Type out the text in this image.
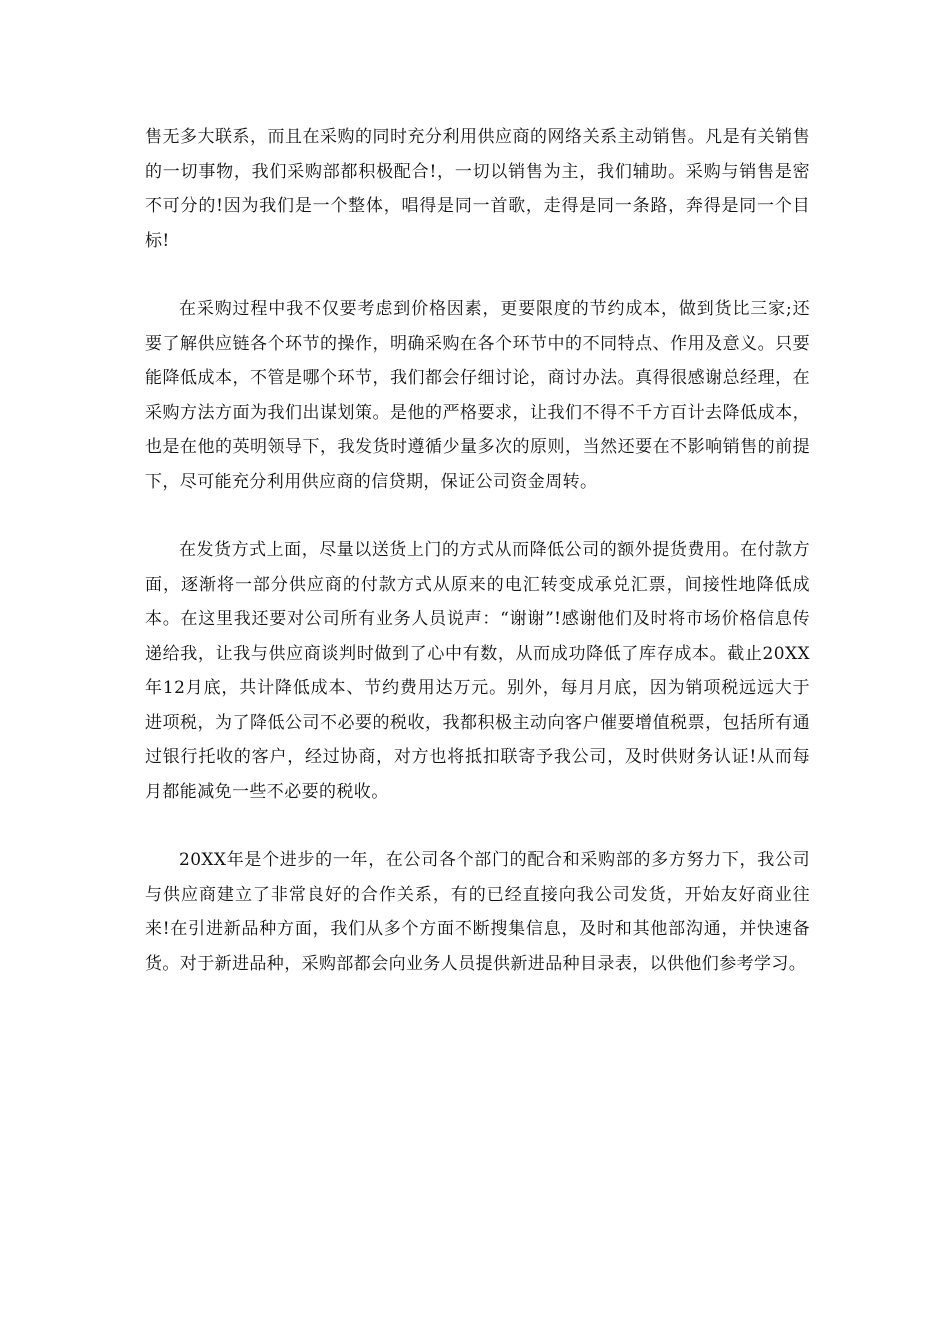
售无多大联系，而且在采购的同时充分利用供应商的网络关系主动销售。凡是有关销售的一切事物，我们采购部都积极配合!，一切以销售为主，我们辅助。采购与销售是密不可分的!因为我们是一个整体，唱得是同一首歌，走得是同一条路，奔得是同一个目标!

在采购过程中我不仅要考虑到价格因素，更要限度的节约成本，做到货比三家;还要了解供应链各个环节的操作，明确采购在各个环节中的不同特点、作用及意义。只要能降低成本，不管是哪个环节，我们都会仔细讨论，商讨办法。真得很感谢总经理，在采购方法方面为我们出谋划策。是他的严格要求，让我们不得不千方百计去降低成本，也是在他的英明领导下，我发货时遵循少量多次的原则，当然还要在不影响销售的前提下，尽可能充分利用供应商的信贷期，保证公司资金周转。

在发货方式上面，尽量以送货上门的方式从而降低公司的额外提货费用。在付款方面，逐渐将一部分供应商的付款方式从原来的电汇转变成承兑汇票，间接性地降低成本。在这里我还要对公司所有业务人员说声：“谢谢”!感谢他们及时将市场价格信息传递给我，让我与供应商谈判时做到了心中有数，从而成功降低了库存成本。截止20XX年12月底，共计降低成本、节约费用达万元。别外，每月月底，因为销项税远远大于进项税，为了降低公司不必要的税收，我都积极主动向客户催要增值税票，包括所有通过银行托收的客户，经过协商，对方也将抵扣联寄予我公司，及时供财务认证!从而每月都能减免一些不必要的税收。

20XX年是个进步的一年，在公司各个部门的配合和采购部的多方努力下，我公司与供应商建立了非常良好的合作关系，有的已经直接向我公司发货，开始友好商业往来!在引进新品种方面，我们从多个方面不断搜集信息，及时和其他部沟通，并快速备货。对于新进品种，采购部都会向业务人员提供新进品种目录表，以供他们参考学习。
